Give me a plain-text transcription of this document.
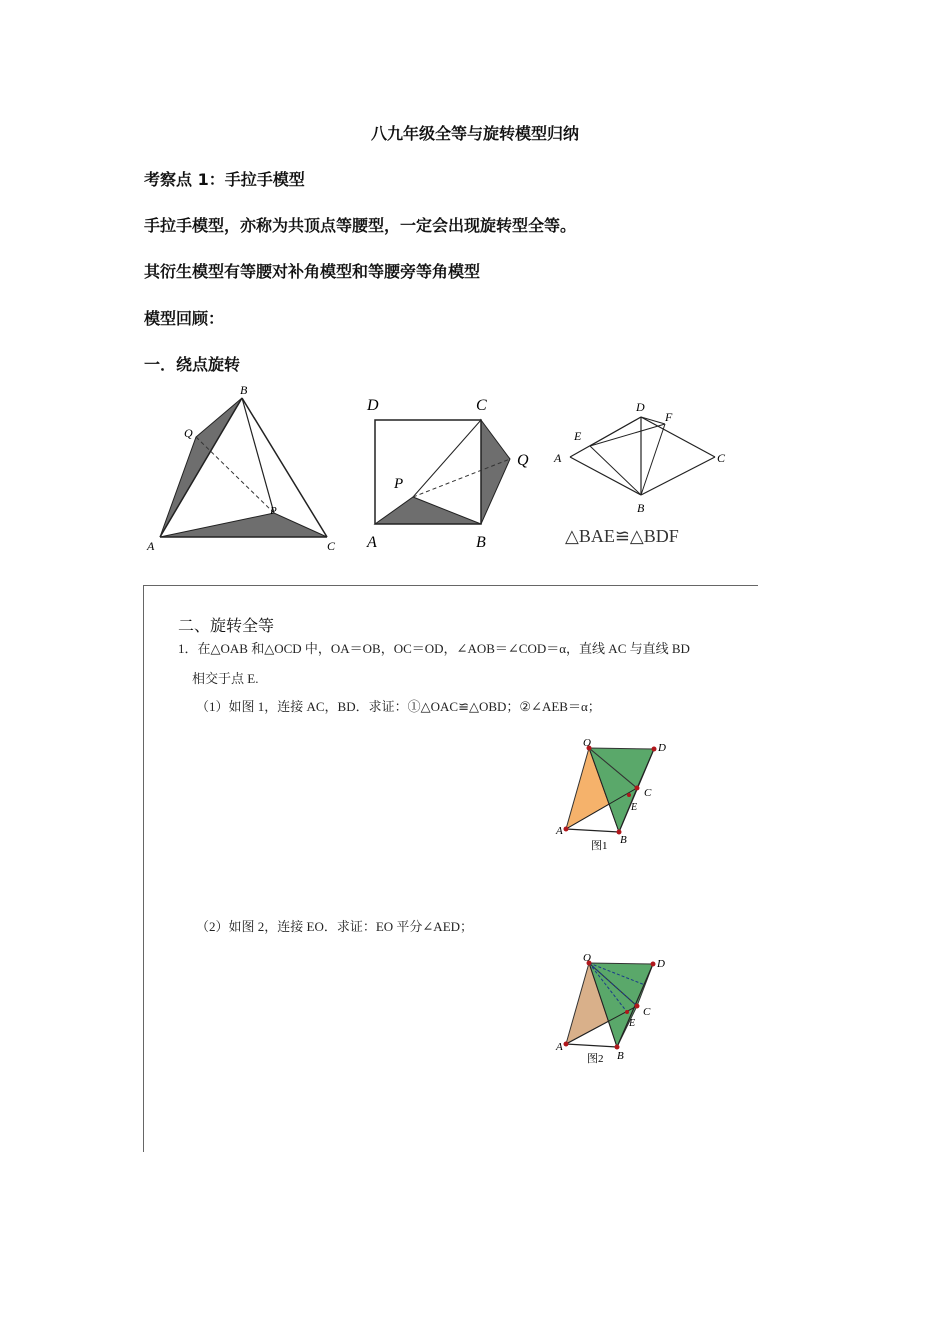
八九年级全等与旋转模型归纳
考察点 1：手拉手模型
手拉手模型，亦称为共顶点等腰型，一定会出现旋转型全等。
其衍生模型有等腰对补角模型和等腰旁等角模型
模型回顾：
一．绕点旋转
A
B
C
P
Q
D	C
Q
P
A	B
D
F
E
A	C
B
△BAE≌△BDF
二、旋转全等
1．在△OAB 和△OCD 中，OA＝OB，OC＝OD，∠AOB＝∠COD＝α，直线 AC 与直线 BD
相交于点 E.
（1）如图 1，连接 AC，BD．求证：①△OAC≌△OBD；②∠AEB＝α；
（2）如图 2，连接 EO．求证：EO 平分∠AED；
O	D
C
E
A
B
图1
O	D
C
E
A
B
图2
